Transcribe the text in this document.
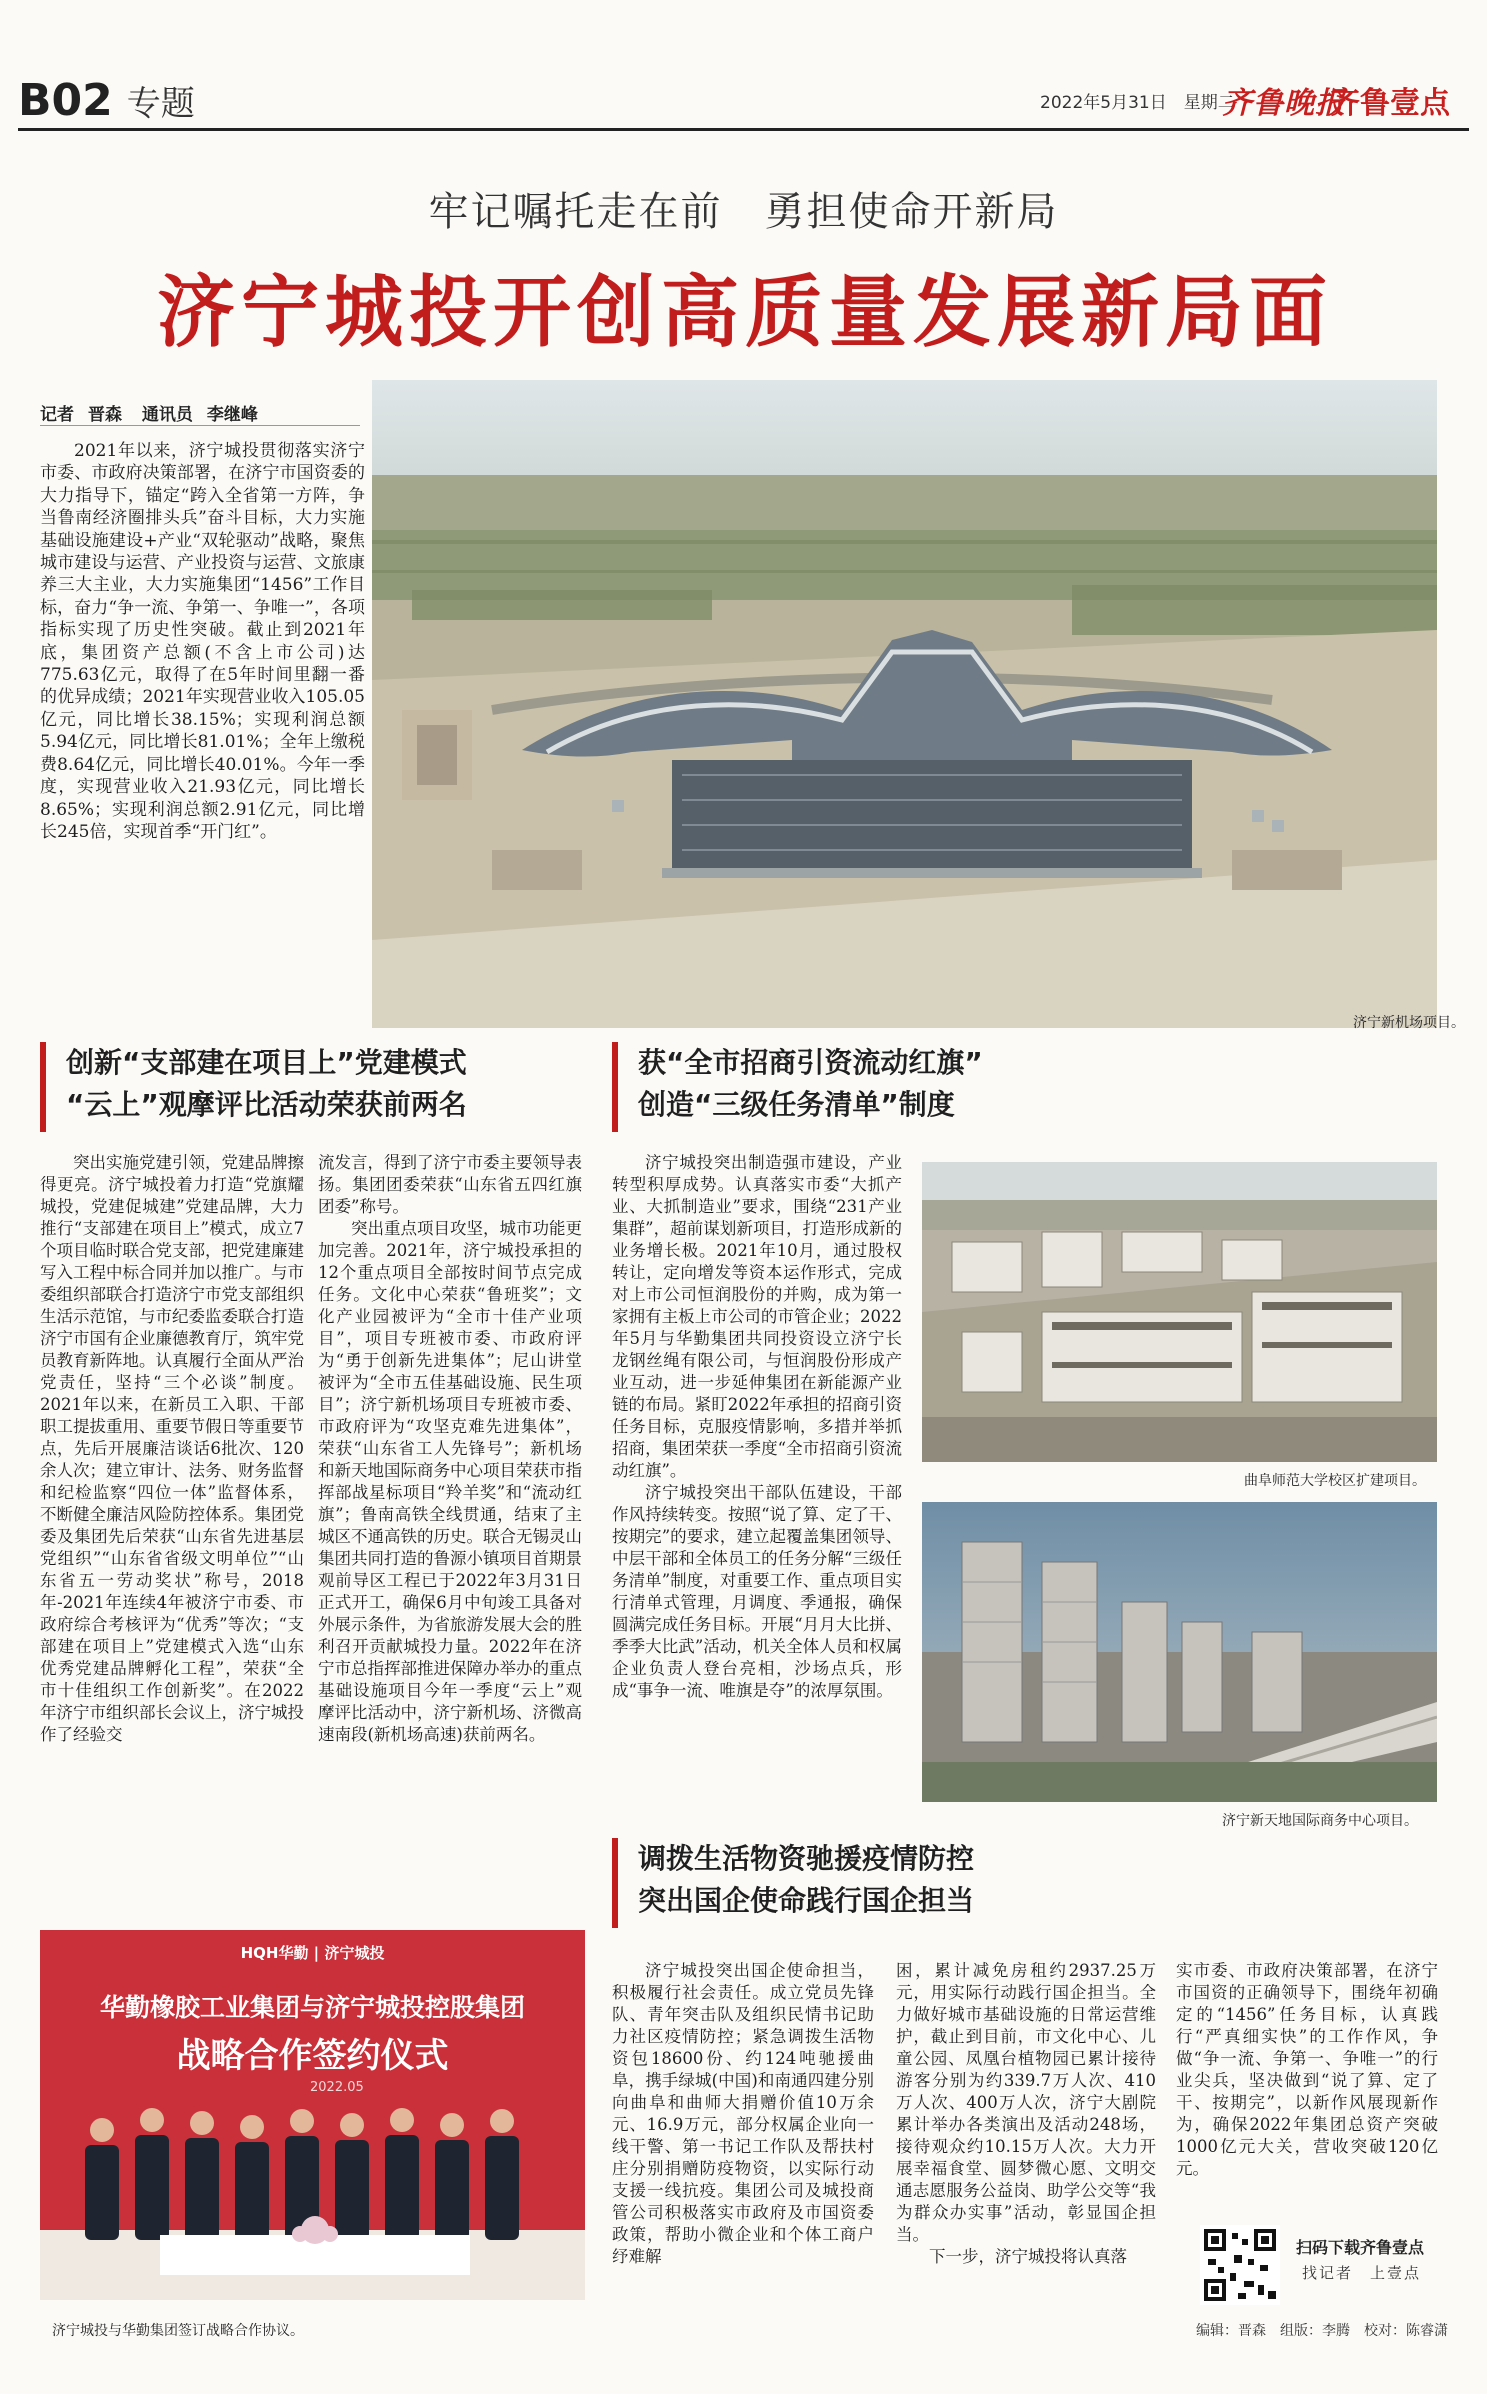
B02 专题	2022年5月31日　 星期二
齐鲁晚报
齐鲁壹点
牢记嘱托走在前　勇担使命开新局
济宁城投开创高质量发展新局面
记者 晋森 通讯员 李继峰

2021年以来，济宁城投贯彻落实济宁市委、市政府决策部署，在济宁市国资委的大力指导下，锚定“跨入全省第一方阵，争当鲁南经济圈排头兵”奋斗目标，大力实施基础设施建设+产业“双轮驱动”战略，聚焦城市建设与运营、产业投资与运营、文旅康养三大主业，大力实施集团“1456”工作目标，奋力“争一流、争第一、争唯一”，各项指标实现了历史性突破。截止到2021年底，集团资产总额(不含上市公司)达775.63亿元，取得了在5年时间里翻一番的优异成绩；2021年实现营业收入105.05亿元，同比增长38.15%；实现利润总额5.94亿元，同比增长81.01%；全年上缴税费8.64亿元，同比增长40.01%。今年一季度，实现营业收入21.93亿元，同比增长8.65%；实现利润总额2.91亿元，同比增长245倍，实现首季“开门红”。

济宁新机场项目。
创新“支部建在项目上”党建模式
“云上”观摩评比活动荣获前两名

突出实施党建引领，党建品牌擦得更亮。济宁城投着力打造“党旗耀城投，党建促城建”党建品牌，大力推行“支部建在项目上”模式，成立7个项目临时联合党支部，把党建廉建写入工程中标合同并加以推广。与市委组织部联合打造济宁市党支部组织生活示范馆，与市纪委监委联合打造济宁市国有企业廉德教育厅，筑牢党员教育新阵地。认真履行全面从严治党责任，坚持“三个必谈”制度。2021年以来，在新员工入职、干部职工提拔重用、重要节假日等重要节点，先后开展廉洁谈话6批次、120余人次；建立审计、法务、财务监督和纪检监察“四位一体”监督体系，不断健全廉洁风险防控体系。集团党委及集团先后荣获“山东省先进基层党组织”“山东省省级文明单位”“山东省五一劳动奖状”称号，2018年-2021年连续4年被济宁市委、市政府综合考核评为“优秀”等次；“支部建在项目上”党建模式入选“山东优秀党建品牌孵化工程”，荣获“全市十佳组织工作创新奖”。在2022年济宁市组织部长会议上，济宁城投作了经验交

流发言，得到了济宁市委主要领导表扬。集团团委荣获“山东省五四红旗团委”称号。

突出重点项目攻坚，城市功能更加完善。2021年，济宁城投承担的12个重点项目全部按时间节点完成任务。文化中心荣获“鲁班奖”；文化产业园被评为“全市十佳产业项目”，项目专班被市委、市政府评为“勇于创新先进集体”；尼山讲堂被评为“全市五佳基础设施、民生项目”；济宁新机场项目专班被市委、市政府评为“攻坚克难先进集体”，荣获“山东省工人先锋号”；新机场和新天地国际商务中心项目荣获市指挥部战星标项目“羚羊奖”和“流动红旗”；鲁南高铁全线贯通，结束了主城区不通高铁的历史。联合无锡灵山集团共同打造的鲁源小镇项目首期景观前导区工程已于2022年3月31日正式开工，确保6月中旬竣工具备对外展示条件，为省旅游发展大会的胜利召开贡献城投力量。2022年在济宁市总指挥部推进保障办举办的重点基础设施项目今年一季度“云上”观摩评比活动中，济宁新机场、济微高速南段(新机场高速)获前两名。

获“全市招商引资流动红旗”
创造“三级任务清单”制度

济宁城投突出制造强市建设，产业转型积厚成势。认真落实市委“大抓产业、大抓制造业”要求，围绕“231产业集群”，超前谋划新项目，打造形成新的业务增长极。2021年10月，通过股权转让，定向增发等资本运作形式，完成对上市公司恒润股份的并购，成为第一家拥有主板上市公司的市管企业；2022年5月与华勤集团共同投资设立济宁长龙钢丝绳有限公司，与恒润股份形成产业互动，进一步延伸集团在新能源产业链的布局。紧盯2022年承担的招商引资任务目标，克服疫情影响，多措并举抓招商，集团荣获一季度“全市招商引资流动红旗”。

济宁城投突出干部队伍建设，干部作风持续转变。按照“说了算、定了干、按期完”的要求，建立起覆盖集团领导、中层干部和全体员工的任务分解“三级任务清单”制度，对重要工作、重点项目实行清单式管理，月调度、季通报，确保圆满完成任务目标。开展“月月大比拼、季季大比武”活动，机关全体人员和权属企业负责人登台亮相，沙场点兵，形成“事争一流、唯旗是夺”的浓厚氛围。

曲阜师范大学校区扩建项目。
济宁新天地国际商务中心项目。
调拨生活物资驰援疫情防控
突出国企使命践行国企担当

济宁城投突出国企使命担当，积极履行社会责任。成立党员先锋队、青年突击队及组织民情书记助力社区疫情防控；紧急调拨生活物资包18600份、约124吨驰援曲阜，携手绿城(中国)和南通四建分别向曲阜和曲师大捐赠价值10万余元、16.9万元，部分权属企业向一线干警、第一书记工作队及帮扶村庄分别捐赠防疫物资，以实际行动支援一线抗疫。集团公司及城投商管公司积极落实市政府及市国资委政策，帮助小微企业和个体工商户纾难解

困，累计减免房租约2937.25万元，用实际行动践行国企担当。全力做好城市基础设施的日常运营维护，截止到目前，市文化中心、儿童公园、凤凰台植物园已累计接待游客分别为约339.7万人次、410万人次、400万人次，济宁大剧院累计举办各类演出及活动248场，接待观众约10.15万人次。大力开展幸福食堂、圆梦微心愿、文明交通志愿服务公益岗、助学公交等“我为群众办实事”活动，彰显国企担当。

下一步，济宁城投将认真落

实市委、市政府决策部署，在济宁市国资的正确领导下，围绕年初确定的“1456”任务目标，认真践行“严真细实快”的工作作风，争做“争一流、争第一、争唯一”的行业尖兵，坚决做到“说了算、定了干、按期完”，以新作风展现新作为，确保2022年集团总资产突破1000亿元大关，营收突破120亿元。

HQH华勤 | 济宁城投
华勤橡胶工业集团与济宁城投控股集团
战略合作签约仪式
2022.05
济宁城投与华勤集团签订战略合作协议。
扫码下载齐鲁壹点
找记者　上壹点
编辑：晋森　 组版：李腾　 校对：陈睿潇
